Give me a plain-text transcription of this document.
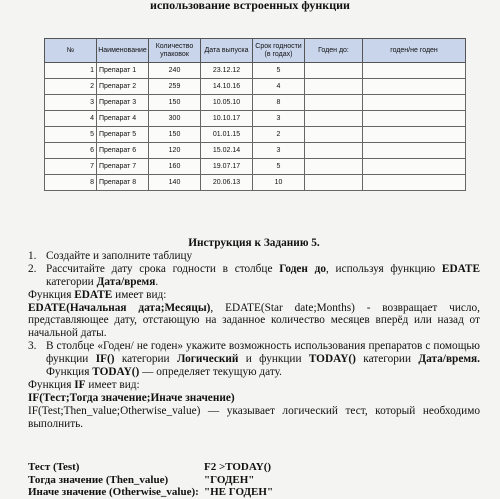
использование встроенных функции
№	Наименование	Количество упаковок	Дата выпуска	Срок годности (в годах)	Годен до:	годен/не годен
1	Препарат 1	240	23.12.12	5		
2	Препарат 2	259	14.10.16	4		
3	Препарат 3	150	10.05.10	8		
4	Препарат 4	300	10.10.17	3		
5	Препарат 5	150	01.01.15	2		
6	Препарат 6	120	15.02.14	3		
7	Препарат 7	160	19.07.17	5		
8	Препарат 8	140	20.06.13	10		

Инструкция к Заданию 5.

1. Создайте и заполните таблицу
2. Рассчитайте дату срока годности в столбце Годен до, используя функцию EDATE категории Дата/время.

Функция EDATE имеет вид:

EDATE(Начальная дата;Месяцы), EDATE(Star date;Months) - возвращает число, представляющее дату, отстающую на заданное количество месяцев вперёд или назад от начальной даты.

3. В столбце «Годен/ не годен» укажите возможность использования препаратов с помощью функции IF() категории Логический и функции TODAY() категории Дата/время. Функция TODAY() — определяет текущую дату.

Функция IF имеет вид:

IF(Тест;Тогда значение;Иначе значение)

IF(Test;Then_value;Otherwise_value) — указывает логический тест, который необходимо выполнить.

Тест (Test)	F2 >TODAY()
Тогда значение (Then_value)	"ГОДЕН"
Иначе значение (Otherwise_value): "НЕ ГОДЕН"
